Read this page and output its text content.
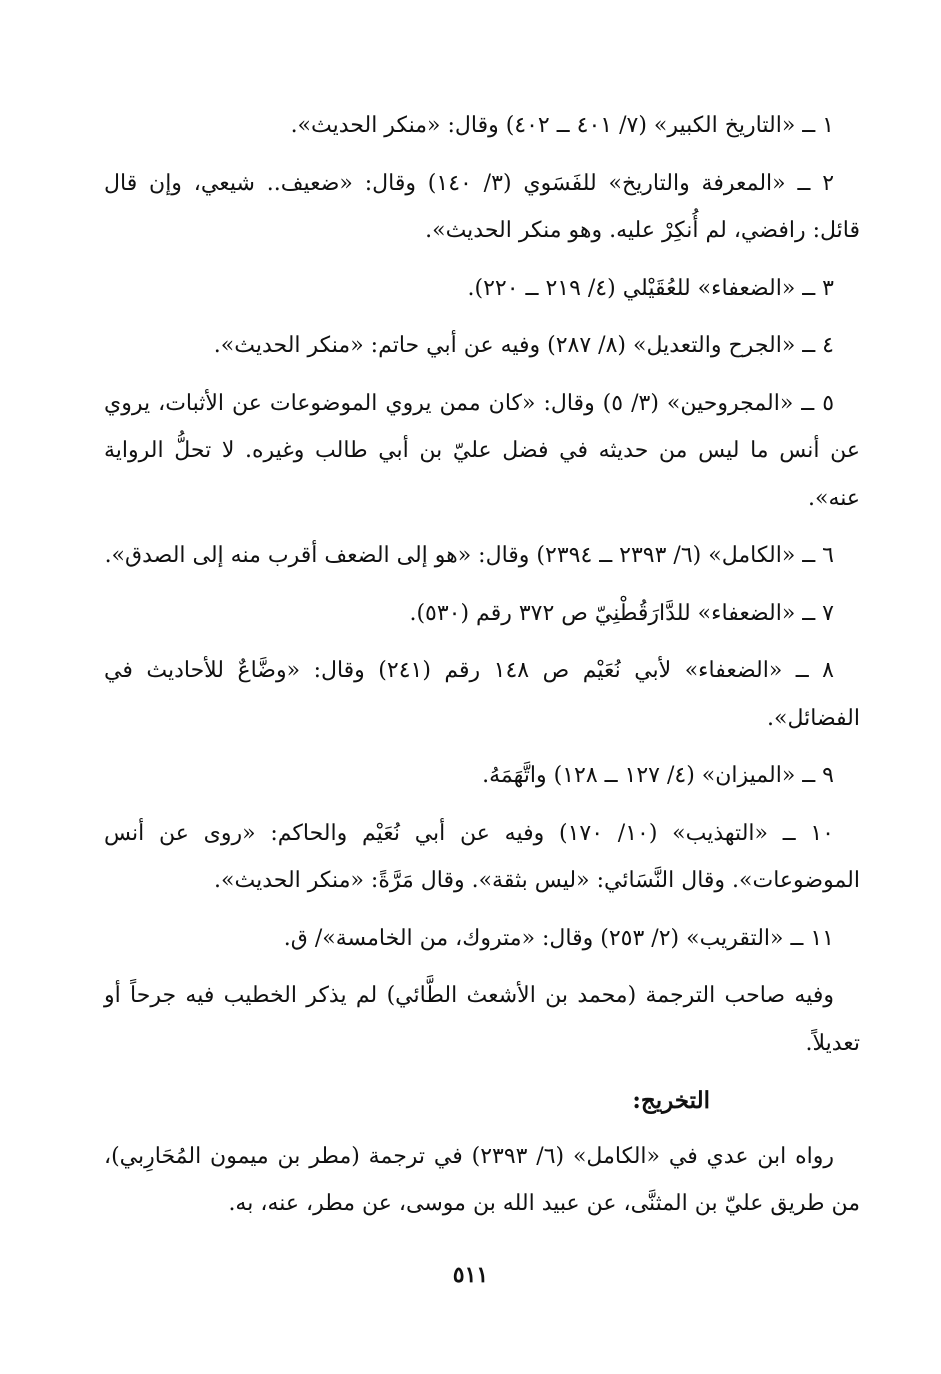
١ ــ «التاريخ الكبير» (٧/ ٤٠١ ــ ٤٠٢) وقال: «منكر الحديث».

٢ ــ «المعرفة والتاريخ» للفَسَوي (٣/ ١٤٠) وقال: «ضعيف.. شيعي، وإن قال قائل: رافضي، لم أُنكِرْ عليه. وهو منكر الحديث».

٣ ــ «الضعفاء» للعُقَيْلي (٤/ ٢١٩ ــ ٢٢٠).

٤ ــ «الجرح والتعديل» (٨/ ٢٨٧) وفيه عن أبي حاتم: «منكر الحديث».

٥ ــ «المجروحين» (٣/ ٥) وقال: «كان ممن يروي الموضوعات عن الأثبات، يروي عن أنس ما ليس من حديثه في فضل عليّ بن أبي طالب وغيره. لا تحلُّ الرواية عنه».

٦ ــ «الكامل» (٦/ ٢٣٩٣ ــ ٢٣٩٤) وقال: «هو إلى الضعف أقرب منه إلى الصدق».

٧ ــ «الضعفاء» للدَّارَقُطْنِيّ ص ٣٧٢ رقم (٥٣٠).

٨ ــ «الضعفاء» لأبي نُعَيْم ص ١٤٨ رقم (٢٤١) وقال: «وضَّاعٌ للأحاديث في الفضائل».

٩ ــ «الميزان» (٤/ ١٢٧ ــ ١٢٨) واتَّهَمَهُ.

١٠ ــ «التهذيب» (١٠/ ١٧٠) وفيه عن أبي نُعَيْم والحاكم: «روى عن أنس الموضوعات». وقال النَّسَائي: «ليس بثقة». وقال مَرَّةً: «منكر الحديث».

١١ ــ «التقريب» (٢/ ٢٥٣) وقال: «متروك، من الخامسة»/ ق.

وفيه صاحب الترجمة (محمد بن الأشعث الطَّائي) لم يذكر الخطيب فيه جرحاً أو تعديلاً.

التخريج:

رواه ابن عدي في «الكامل» (٦/ ٢٣٩٣) في ترجمة (مطر بن ميمون المُحَارِبي)، من طريق عليّ بن المثنَّى، عن عبيد الله بن موسى، عن مطر، عنه، به.

٥١١
